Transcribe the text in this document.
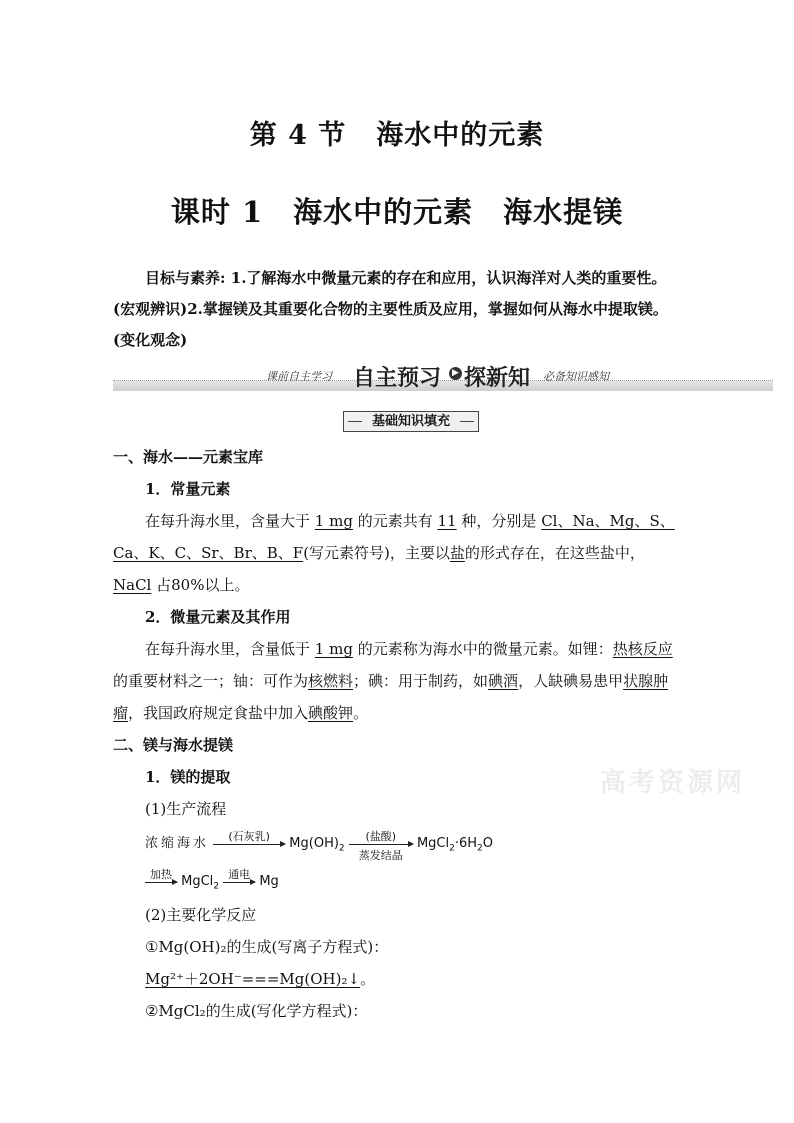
第 4 节 海水中的元素
课时 1 海水中的元素 海水提镁

目标与素养: 1.了解海水中微量元素的存在和应用，认识海洋对人类的重要性。

(宏观辨识)2.掌握镁及其重要化合物的主要性质及应用，掌握如何从海水中提取镁。

(变化观念)

课前自主学习 自主预习	▶ 探新知 必备知识感知
基础知识填充
一、海水——元素宝库
1．常量元素
在每升海水里，含量大于 1 mg 的元素共有 11 种，分别是 Cl、Na、Mg、S、 Ca、K、C、Sr、Br、B、F(写元素符号)，主要以盐的形式存在，在这些盐中，NaCl 占80%以上。
2．微量元素及其作用
在每升海水里，含量低于 1 mg 的元素称为海水中的微量元素。如锂：热核反应的重要材料之一；铀：可作为核燃料；碘：用于制药，如碘酒，人缺碘易患甲状腺肿瘤，我国政府规定食盐中加入碘酸钾。
二、镁与海水提镁
1．镁的提取
(1)生产流程
浓缩海水	(石灰乳)	$Mg(OH)_2$
(盐酸)
蒸发结晶
$MgCl_2\cdot 6H_2O$
加热 MgCl$_2$
通电 Mg
(2)主要化学反应
①Mg(OH)₂的生成(写离子方程式)：
Mg²⁺＋2OH⁻===Mg(OH)₂↓。
②MgCl₂的生成(写化学方程式)：
高考资源网
